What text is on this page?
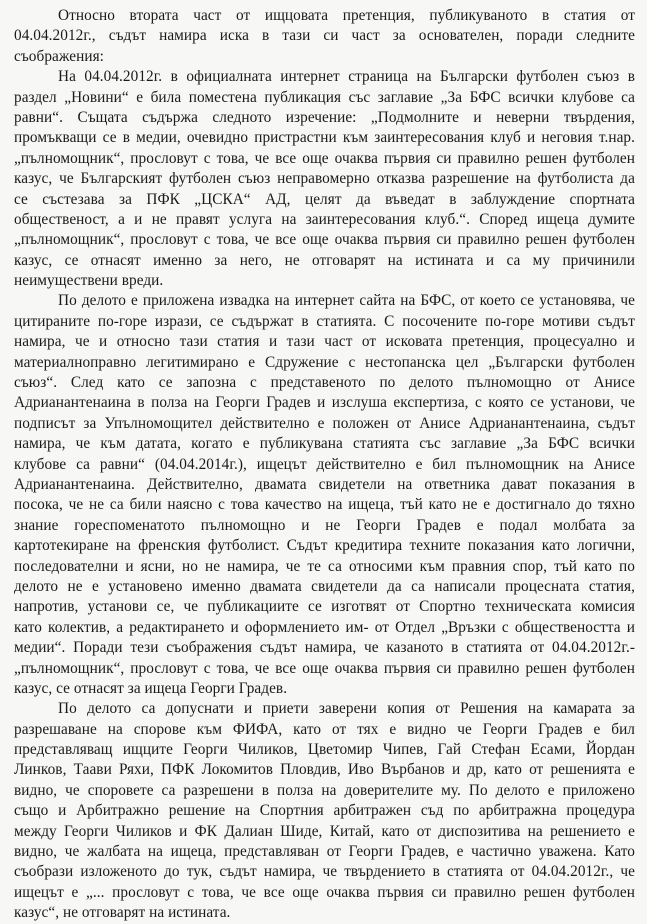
Относно втората част от ищцовата претенция, публикуваното в статия от
04.04.2012г., съдът намира иска в тази си част за основателен, поради следните
съображения:
На 04.04.2012г. в официалната интернет страница на Български футболен съюз в
раздел „Новини“ е била поместена публикация със заглавие „За БФС всички клубове са
равни“. Същата съдържа следното изречение: „Подмолните и неверни твърдения,
промъкващи се в медии, очевидно пристрастни към заинтересования клуб и неговия т.нар.
„пълномощник“, прословут с това, че все още очаква първия си правилно решен футболен
казус, че Българският футболен съюз неправомерно отказва разрешение на футболиста да
се състезава за ПФК „ЦСКА“ АД, целят да въведат в заблуждение спортната
общественост, а и не правят услуга на заинтересования клуб.“. Според ищеца думите
„пълномощник“, прословут с това, че все още очаква първия си правилно решен футболен
казус, се отнасят именно за него, не отговарят на истината и са му причинили
неимуществени вреди.
По делото е приложена извадка на интернет сайта на БФС, от което се установява, че
цитираните по-горе изрази, се съдържат в статията. С посочените по-горе мотиви съдът
намира, че и относно тази статия и тази част от исковата претенция, процесуално и
материалноправно легитимирано е Сдружение с нестопанска цел „Български футболен
съюз“. След като се запозна с представеното по делото пълномощно от Анисе
Адрианантенаина в полза на Георги Градев и изслуша експертиза, с която се установи, че
подписът за Упълномощител действително е положен от Анисе Адрианантенаина, съдът
намира, че към датата, когато е публикувана статията със заглавие „За БФС всички
клубове са равни“ (04.04.2014г.), ищецът действително е бил пълномощник на Анисе
Адрианантенаина. Действително, двамата свидетели на ответника дават показания в
посока, че не са били наясно с това качество на ищеца, тъй като не е достигнало до тяхно
знание гореспоменатото пълномощно и не Георги Градев е подал молбата за
картотекиране на френския футболист. Съдът кредитира техните показания като логични,
последователни и ясни, но не намира, че те са относими към правния спор, тъй като по
делото не е установено именно двамата свидетели да са написали процесната статия,
напротив, установи се, че публикациите се изготвят от Спортно техническата комисия
като колектив, а редактирането и оформлението им- от Отдел „Връзки с обществеността и
медии“. Поради тези съображения съдът намира, че казаното в статията от 04.04.2012г.-
„пълномощник“, прословут с това, че все още очаква първия си правилно решен футболен
казус, се отнасят за ищеца Георги Градев.
По делото са допуснати и приети заверени копия от Решения на камарата за
разрешаване на спорове към ФИФА, като от тях е видно че Георги Градев е бил
представляващ ищците Георги Чиликов, Цветомир Чипев, Гай Стефан Есами, Йордан
Линков, Таави Ряхи, ПФК Локомитов Пловдив, Иво Върбанов и др, като от решенията е
видно, че споровете са разрешени в полза на доверителите му. По делото е приложено
също и Арбитражно решение на Спортния арбитражен съд по арбитражна процедура
между Георги Чиликов и ФК Далиан Шиде, Китай, като от диспозитива на решението е
видно, че жалбата на ищеца, представляван от Георги Градев, е частично уважена. Като
съобрази изложеното до тук, съдът намира, че твърдението в статията от 04.04.2012г., че
ищецът е „... прословут с това, че все още очаква първия си правилно решен футболен
казус“, не отговарят на истината.
